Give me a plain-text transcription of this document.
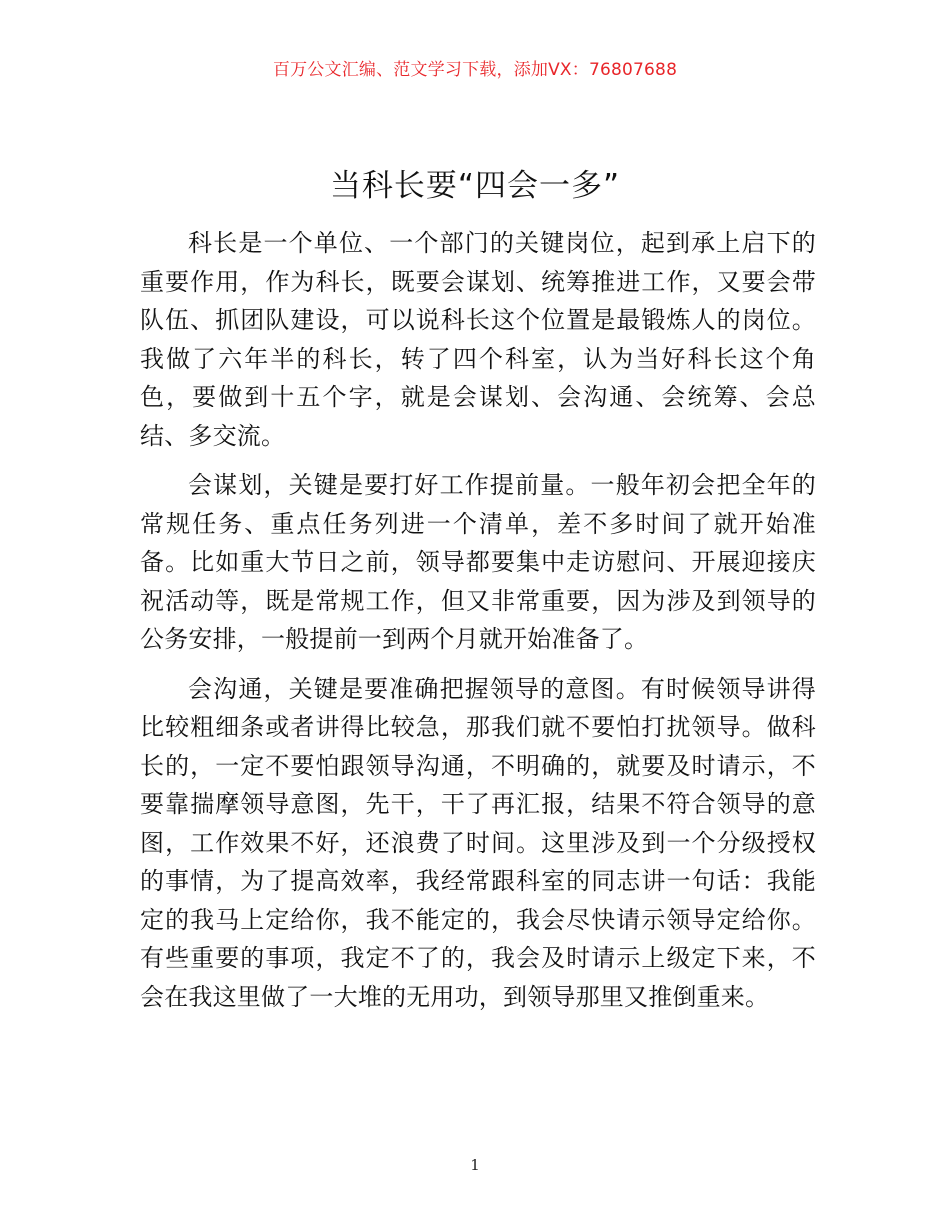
百万公文汇编、范文学习下载，添加VX：76807688
当科长要“四会一多”

科长是一个单位、一个部门的关键岗位，起到承上启下的重要作用，作为科长，既要会谋划、统筹推进工作，又要会带队伍、抓团队建设，可以说科长这个位置是最锻炼人的岗位。我做了六年半的科长，转了四个科室，认为当好科长这个角色，要做到十五个字，就是会谋划、会沟通、会统筹、会总结、多交流。

会谋划，关键是要打好工作提前量。一般年初会把全年的常规任务、重点任务列进一个清单，差不多时间了就开始准备。比如重大节日之前，领导都要集中走访慰问、开展迎接庆祝活动等，既是常规工作，但又非常重要，因为涉及到领导的公务安排，一般提前一到两个月就开始准备了。

会沟通，关键是要准确把握领导的意图。有时候领导讲得比较粗细条或者讲得比较急，那我们就不要怕打扰领导。做科长的，一定不要怕跟领导沟通，不明确的，就要及时请示，不要靠揣摩领导意图，先干，干了再汇报，结果不符合领导的意图，工作效果不好，还浪费了时间。这里涉及到一个分级授权的事情，为了提高效率，我经常跟科室的同志讲一句话：我能定的我马上定给你，我不能定的，我会尽快请示领导定给你。有些重要的事项，我定不了的，我会及时请示上级定下来，不会在我这里做了一大堆的无用功，到领导那里又推倒重来。

1
